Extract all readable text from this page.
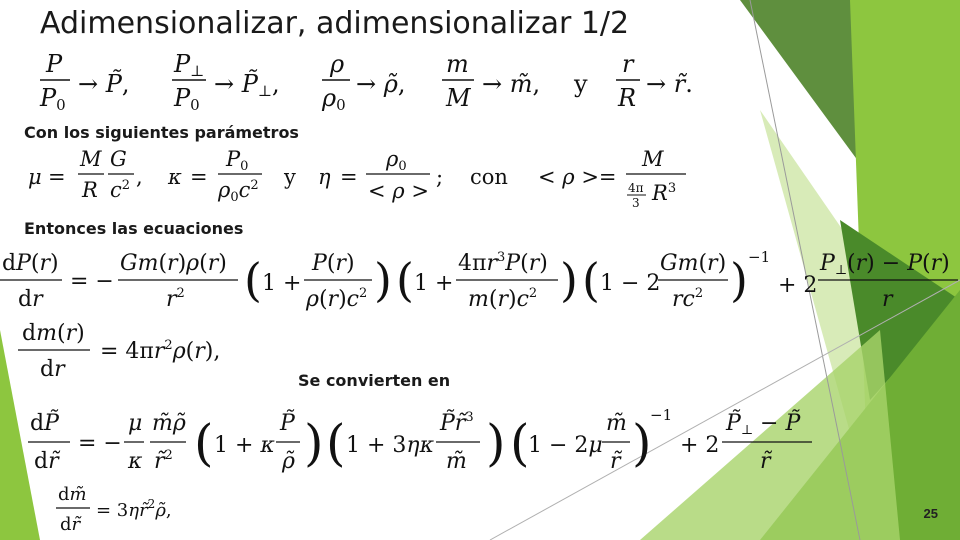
Adimensionalizar, adimensionalizar 1/2
P
P0
→ P̃,
P⊥
P0
→ P̃⊥,
ρ
ρ0
→ ρ̃,
m
M → m̃, y
r
R → r̃.
μ =
M
R
G
$c^2$ , κ =
P0
$\rho 0c^2$ y η =
ρ0
< ρ >
; con < ρ >=
M
4π
3 $R^3$
dP(r)
dr
= −
Gm(r)ρ(r)
$r^2$ ( 1 +
P(r)
$\rho(r)c^2$ ) ( 1 +
$4\pi r^3P(r)$
$m(r)c^2$ ) ( 1 − 2
Gm(r)
$rc^2$ ) −1
+ 2
P⊥(r) − P(r)
r
dm(r)
dr
= $4\pi r^2\rho(r)$,
dP̃
dr̃
= −
μ
κ
m̃ρ̃
r̃$^2$ ( 1 + κ
P̃
ρ̃ ) ( 1 + 3ηκ
P̃r̃$^3$
m̃ ) (
1 − 2μ
m̃
r̃ )
−1
+ 2
P̃⊥ − P̃
r̃
dm̃
dr̃
= 3ηr̃$^2$ρ̃,
Con los siguientes parámetros
Entonces las ecuaciones
Se convierten en
25
